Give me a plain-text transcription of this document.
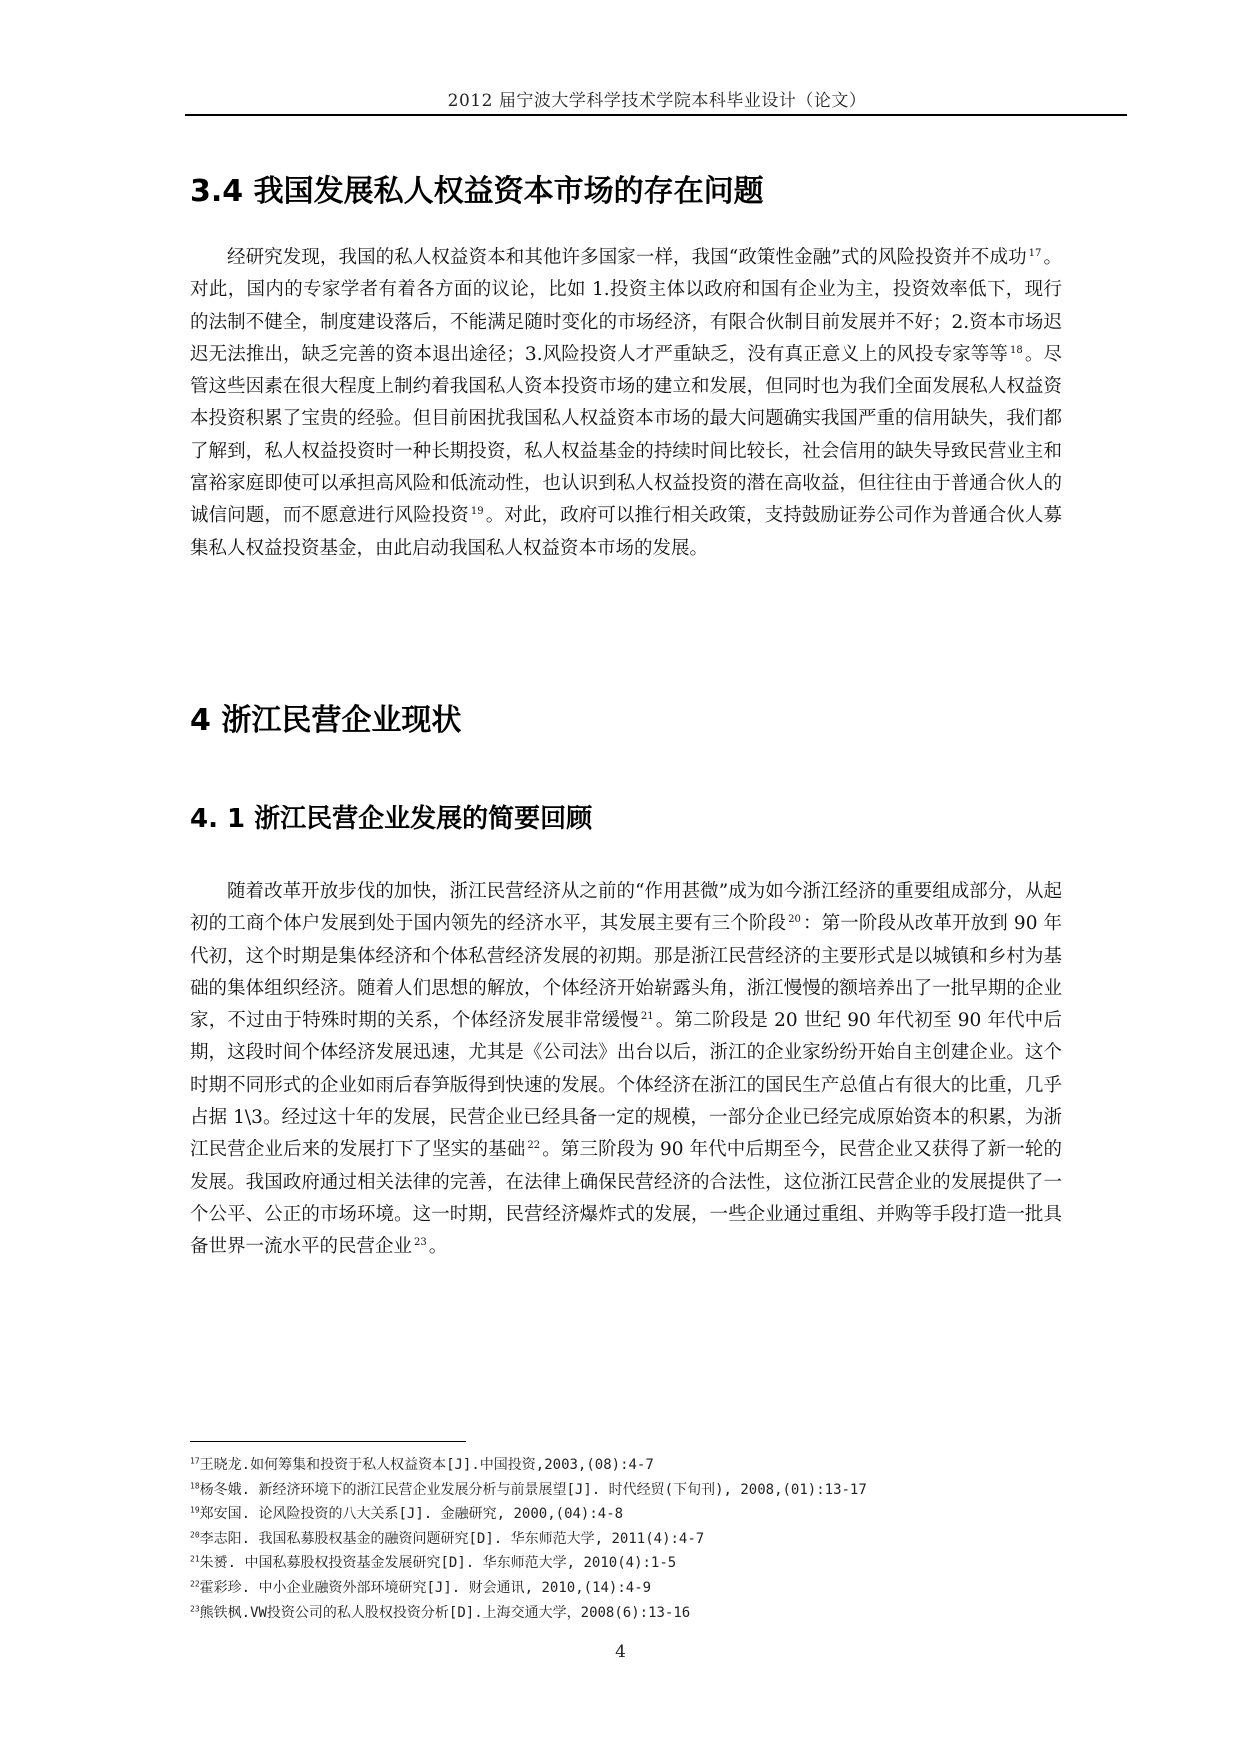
2012 届宁波大学科学技术学院本科毕业设计（论文）
3.4 我国发展私人权益资本市场的存在问题

经研究发现，我国的私人权益资本和其他许多国家一样，我国“政策性金融”式的风险投资并不成功 $^{17}$ 。对此，国内的专家学者有着各方面的议论，比如 1.投资主体以政府和国有企业为主，投资效率低下，现行的法制不健全，制度建设落后，不能满足随时变化的市场经济，有限合伙制目前发展并不好；2.资本市场迟迟无法推出，缺乏完善的资本退出途径；3.风险投资人才严重缺乏，没有真正意义上的风投专家等等 $^{18}$ 。尽管这些因素在很大程度上制约着我国私人资本投资市场的建立和发展，但同时也为我们全面发展私人权益资本投资积累了宝贵的经验。但目前困扰我国私人权益资本市场的最大问题确实我国严重的信用缺失，我们都了解到，私人权益投资时一种长期投资，私人权益基金的持续时间比较长，社会信用的缺失导致民营业主和富裕家庭即使可以承担高风险和低流动性，也认识到私人权益投资的潜在高收益，但往往由于普通合伙人的诚信问题，而不愿意进行风险投资 $^{19}$ 。对此，政府可以推行相关政策，支持鼓励证券公司作为普通合伙人募集私人权益投资基金，由此启动我国私人权益资本市场的发展。

4 浙江民营企业现状
4. 1 浙江民营企业发展的简要回顾

随着改革开放步伐的加快，浙江民营经济从之前的“作用甚微”成为如今浙江经济的重要组成部分，从起初的工商个体户发展到处于国内领先的经济水平，其发展主要有三个阶段 $^{20}$ ：第一阶段从改革开放到 90 年代初，这个时期是集体经济和个体私营经济发展的初期。那是浙江民营经济的主要形式是以城镇和乡村为基础的集体组织经济。随着人们思想的解放，个体经济开始崭露头角，浙江慢慢的额培养出了一批早期的企业家，不过由于特殊时期的关系，个体经济发展非常缓慢 $^{21}$ 。第二阶段是 20 世纪 90 年代初至 90 年代中后期，这段时间个体经济发展迅速，尤其是《公司法》出台以后，浙江的企业家纷纷开始自主创建企业。这个时期不同形式的企业如雨后春笋版得到快速的发展。个体经济在浙江的国民生产总值占有很大的比重，几乎占据 1\3。经过这十年的发展，民营企业已经具备一定的规模，一部分企业已经完成原始资本的积累，为浙江民营企业后来的发展打下了坚实的基础 $^{22}$ 。第三阶段为 90 年代中后期至今，民营企业又获得了新一轮的发展。我国政府通过相关法律的完善，在法律上确保民营经济的合法性，这位浙江民营企业的发展提供了一个公平、公正的市场环境。这一时期，民营经济爆炸式的发展，一些企业通过重组、并购等手段打造一批具备世界一流水平的民营企业 $^{23}$ 。

$^{17}$王晓龙.如何筹集和投资于私人权益资本[J].中国投资,2003,(08):4-7
$^{18}$杨冬娥. 新经济环境下的浙江民营企业发展分析与前景展望[J]. 时代经贸(下旬刊), 2008,(01):13-17
$^{19}$郑安国. 论风险投资的八大关系[J]. 金融研究, 2000,(04):4-8
$^{20}$李志阳. 我国私募股权基金的融资问题研究[D]. 华东师范大学, 2011(4):4-7
$^{21}$朱赟. 中国私募股权投资基金发展研究[D]. 华东师范大学, 2010(4):1-5
$^{22}$霍彩珍. 中小企业融资外部环境研究[J]. 财会通讯, 2010,(14):4-9
$^{23}$熊铁枫.VW投资公司的私人股权投资分析[D].上海交通大学，2008(6):13-16
4
